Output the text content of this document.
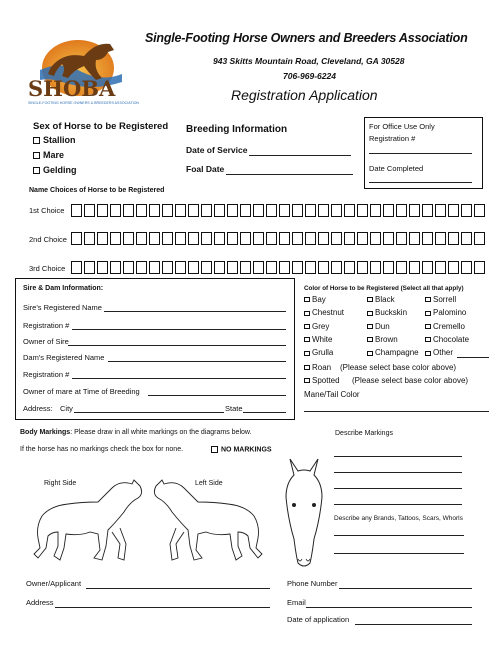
SHOBA
SINGLE-FOOTING HORSE OWNERS & BREEDERS ASSOCIATION
Single-Footing Horse Owners and Breeders Association
943 Skitts Mountain Road, Cleveland, GA 30528
706-969-6224
Registration Application
Sex of Horse to be Registered
Stallion
Mare
Gelding
Breeding Information
Date of Service
Foal Date
For Office Use Only
Registration #
Date Completed
Name Choices of Horse to be Registered
1st Choice
2nd Choice
3rd Choice
Sire & Dam Information:
Sire's Registered Name
Registration #
Owner of Sire
Dam's Registered Name
Registration #
Owner of mare at Time of Breeding
Address: City	State
Color of Horse to be Registered (Select all that apply)
Bay	Black	Sorrell
Chestnut	Buckskin	Palomino
Grey	Dun	Cremello
White	Brown	Chocolate
Grulla	Champagne	Other
Roan (Please select base color above)
Spotted (Please select base color above)
Mane/Tail Color
Body Markings: Please draw in all white markings on the diagrams below.
If the horse has no markings check the box for none.	NO MARKINGS
Right Side	Left Side
Describe Markings
Describe any Brands, Tattoos, Scars, Whorls
Owner/Applicant
Address
Phone Number
Email
Date of application
